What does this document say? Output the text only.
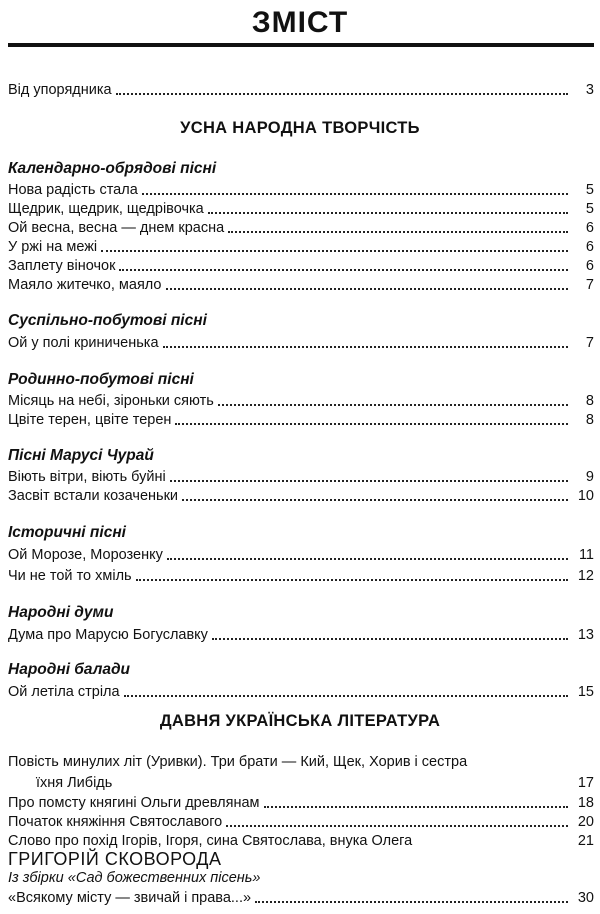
ЗМІСТ
Від упорядника	3
УСНА НАРОДНА ТВОРЧІСТЬ
Календарно-обрядові пісні
Нова радість стала	5
Щедрик, щедрик, щедрівочка	5
Ой весна, весна — днем красна	6
У ржі на межі	6
Заплету віночок	6
Маяло житечко, маяло	7
Суспільно-побутові пісні
Ой у полі криниченька	7
Родинно-побутові пісні
Місяць на небі, зіроньки сяють	8
Цвіте терен, цвіте терен	8
Пісні Марусі Чурай
Віють вітри, віють буйні	9
Засвіт встали козаченьки	10
Історичні пісні
Ой Морозе, Морозенку	11
Чи не той то хміль	12
Народні думи
Дума про Марусю Богуславку	13
Народні балади
Ой летіла стріла	15
ДАВНЯ УКРАЇНСЬКА ЛІТЕРАТУРА
Повість минулих літ (Уривки). Три брати — Кий, Щек, Хорив і сестра
їхня Либідь	17
Про помсту княгині Ольги древлянам	18
Початок княжіння Святославого	20
Слово про похід Ігорів, Ігоря, сина Святослава, внука Олега	21
ГРИГОРІЙ СКОВОРОДА
Із збірки «Сад божественних пісень»
«Всякому місту — звичай і права...»	30
